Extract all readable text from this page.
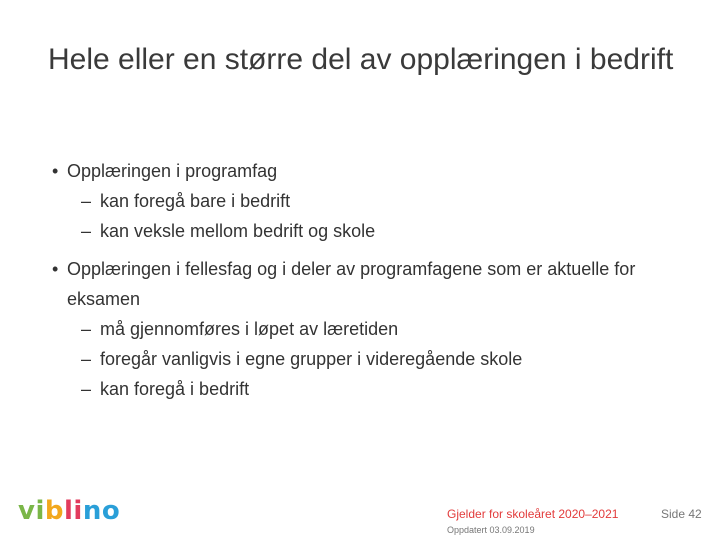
Hele eller en større del av opplæringen i bedrift
• Opplæringen i programfag
– kan foregå bare i bedrift
– kan veksle mellom bedrift og skole
• Opplæringen i fellesfag og i deler av programfagene som er aktuelle for eksamen
– må gjennomføres i løpet av læretiden
– foregår vanligvis i egne grupper i videregående skole
– kan foregå i bedrift
viblino	Gjelder for skoleåret 2020–2021
Oppdatert 03.09.2019
Side 42
